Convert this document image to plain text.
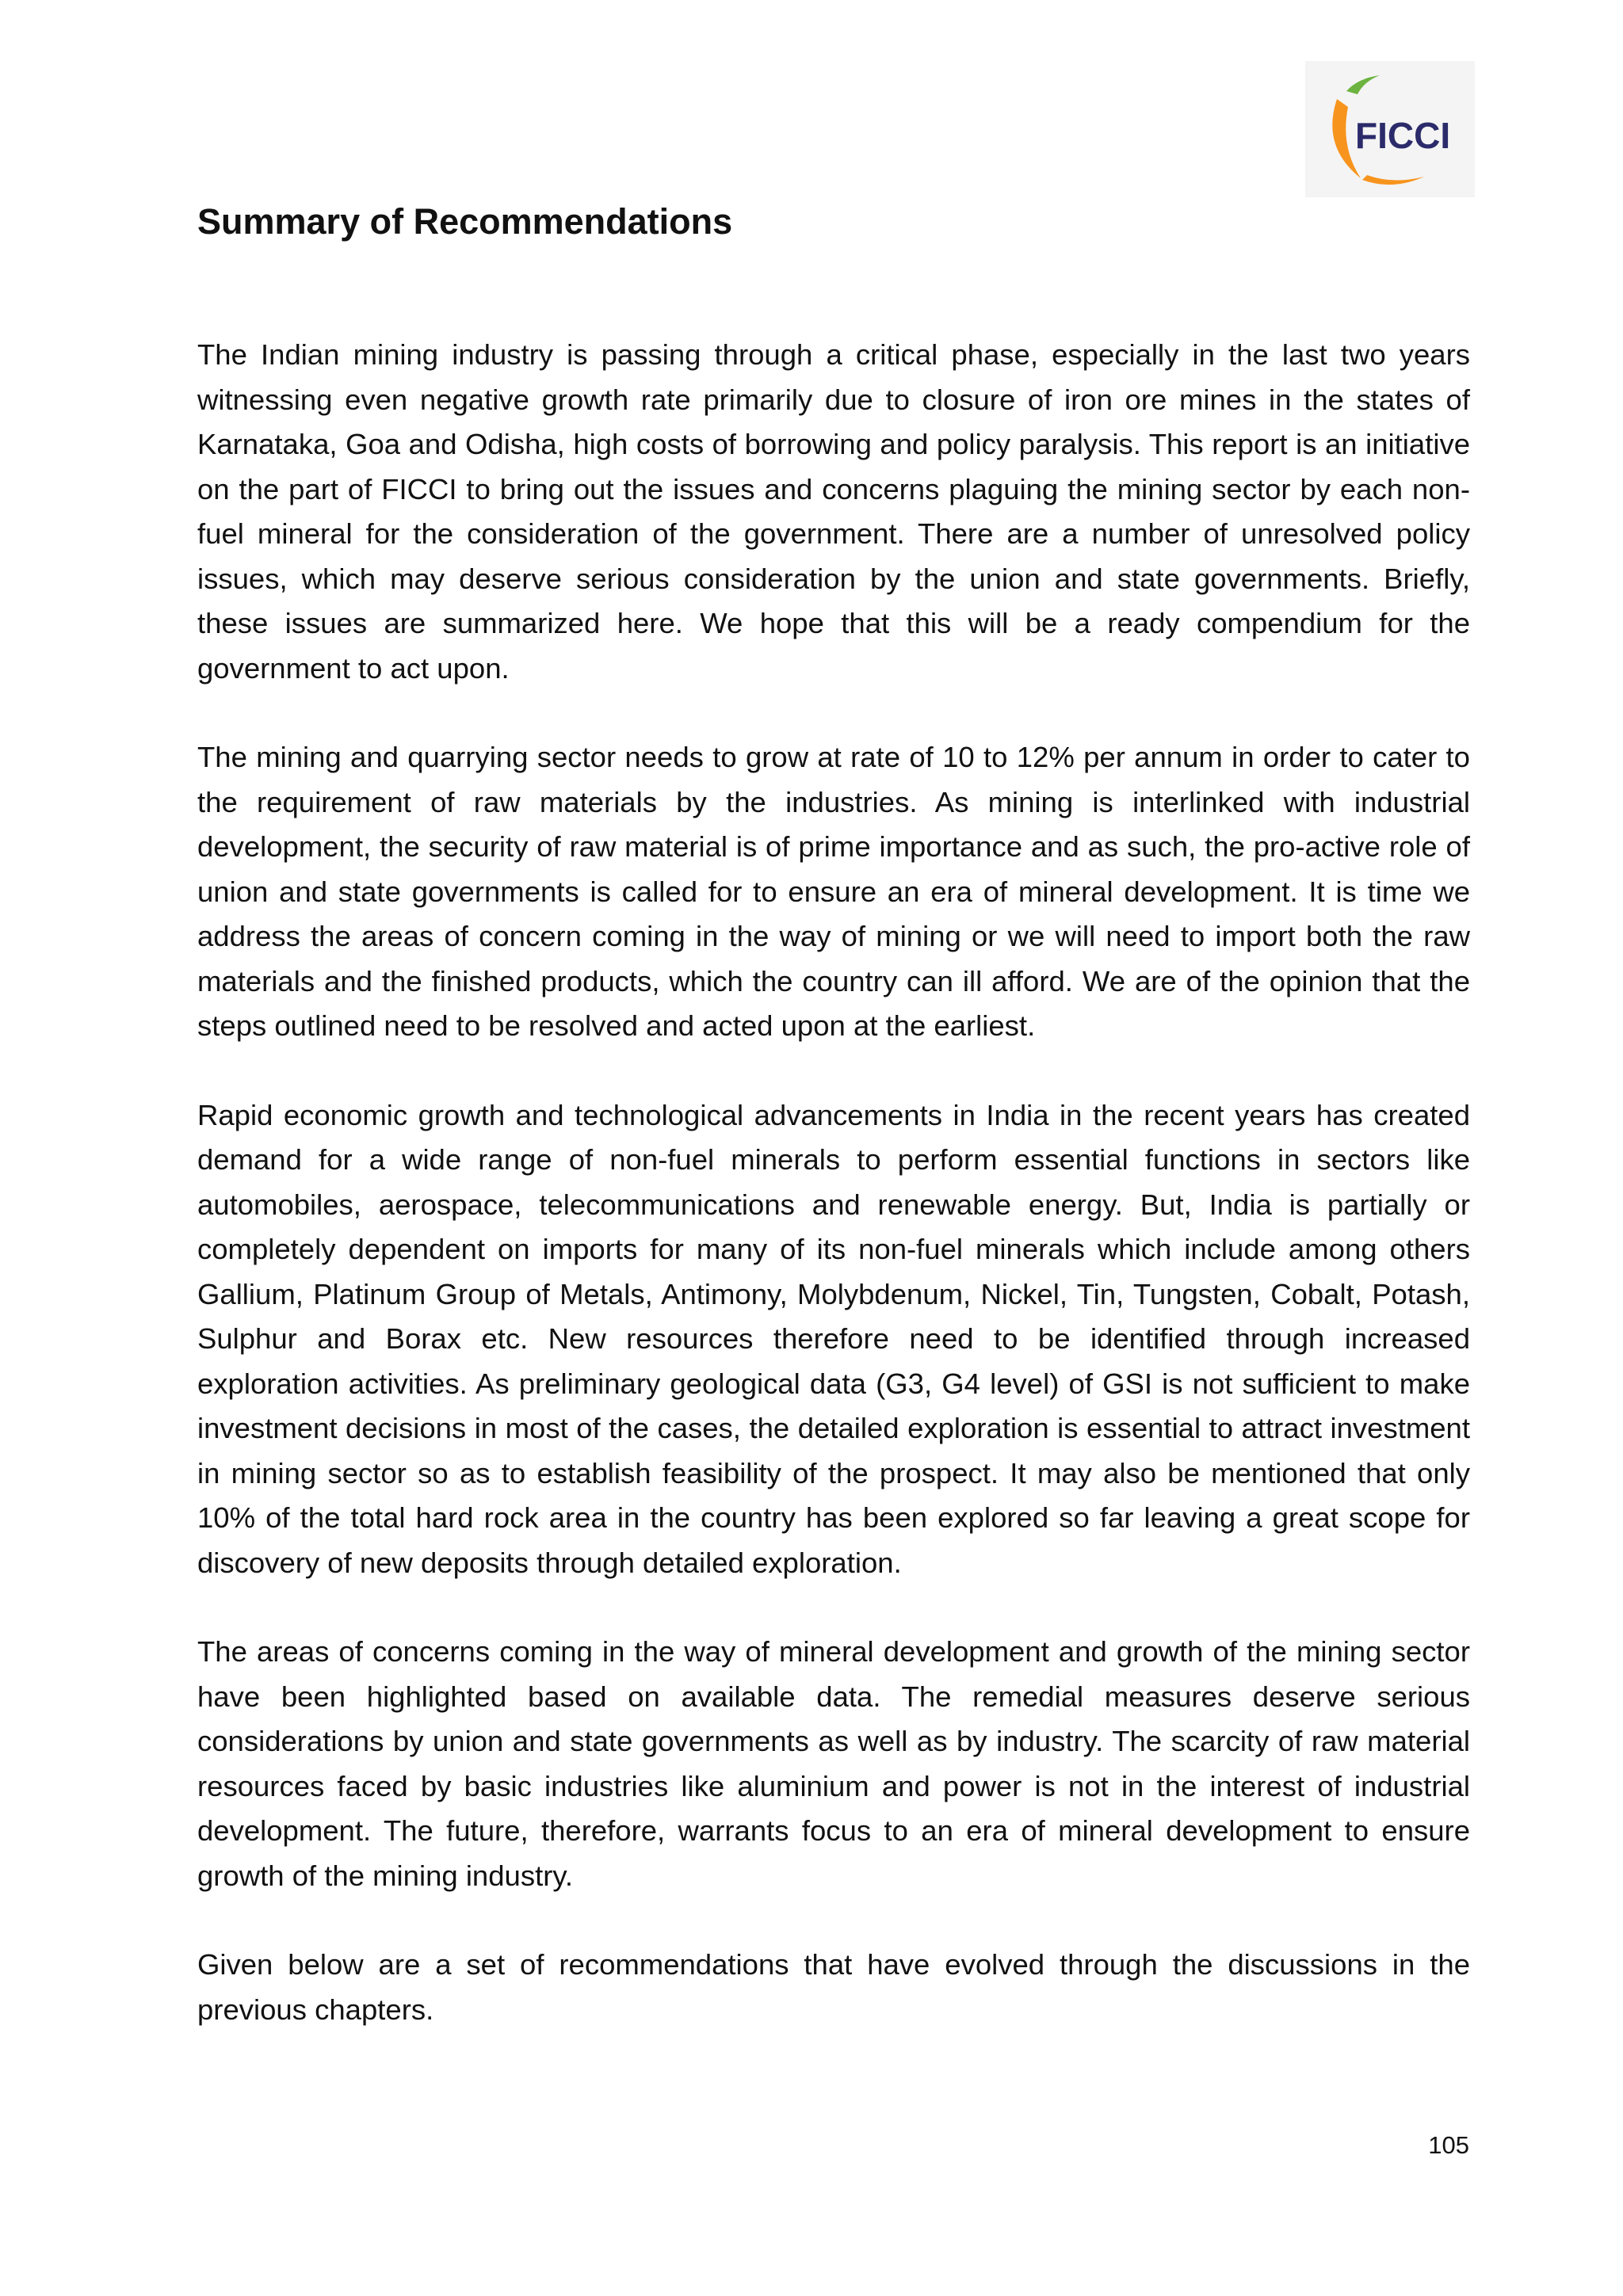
FICCI
Summary of Recommendations

The Indian mining industry is passing through a critical phase, especially in the last two years witnessing even negative growth rate primarily due to closure of iron ore mines in the states of Karnataka, Goa and Odisha, high costs of borrowing and policy paralysis. This report is an initiative on the part of FICCI to bring out the issues and concerns plaguing the mining sector by each non-fuel mineral for the consideration of the government. There are a number of unresolved policy issues, which may deserve serious consideration by the union and state governments. Briefly, these issues are summarized here. We hope that this will be a ready compendium for the government to act upon.

The mining and quarrying sector needs to grow at rate of 10 to 12% per annum in order to cater to the requirement of raw materials by the industries. As mining is interlinked with industrial development, the security of raw material is of prime importance and as such, the pro-active role of union and state governments is called for to ensure an era of mineral development. It is time we address the areas of concern coming in the way of mining or we will need to import both the raw materials and the finished products, which the country can ill afford. We are of the opinion that the steps outlined need to be resolved and acted upon at the earliest.

Rapid economic growth and technological advancements in India in the recent years has created demand for a wide range of non-fuel minerals to perform essential functions in sectors like automobiles, aerospace, telecommunications and renewable energy. But, India is partially or completely dependent on imports for many of its non-fuel minerals which include among others Gallium, Platinum Group of Metals, Antimony, Molybdenum, Nickel, Tin, Tungsten, Cobalt, Potash, Sulphur and Borax etc. New resources therefore need to be identified through increased exploration activities. As preliminary geological data (G3, G4 level) of GSI is not sufficient to make investment decisions in most of the cases, the detailed exploration is essential to attract investment in mining sector so as to establish feasibility of the prospect. It may also be mentioned that only 10% of the total hard rock area in the country has been explored so far leaving a great scope for discovery of new deposits through detailed exploration.

The areas of concerns coming in the way of mineral development and growth of the mining sector have been highlighted based on available data. The remedial measures deserve serious considerations by union and state governments as well as by industry. The scarcity of raw material resources faced by basic industries like aluminium and power is not in the interest of industrial development. The future, therefore, warrants focus to an era of mineral development to ensure growth of the mining industry.

Given below are a set of recommendations that have evolved through the discussions in the previous chapters.

105
